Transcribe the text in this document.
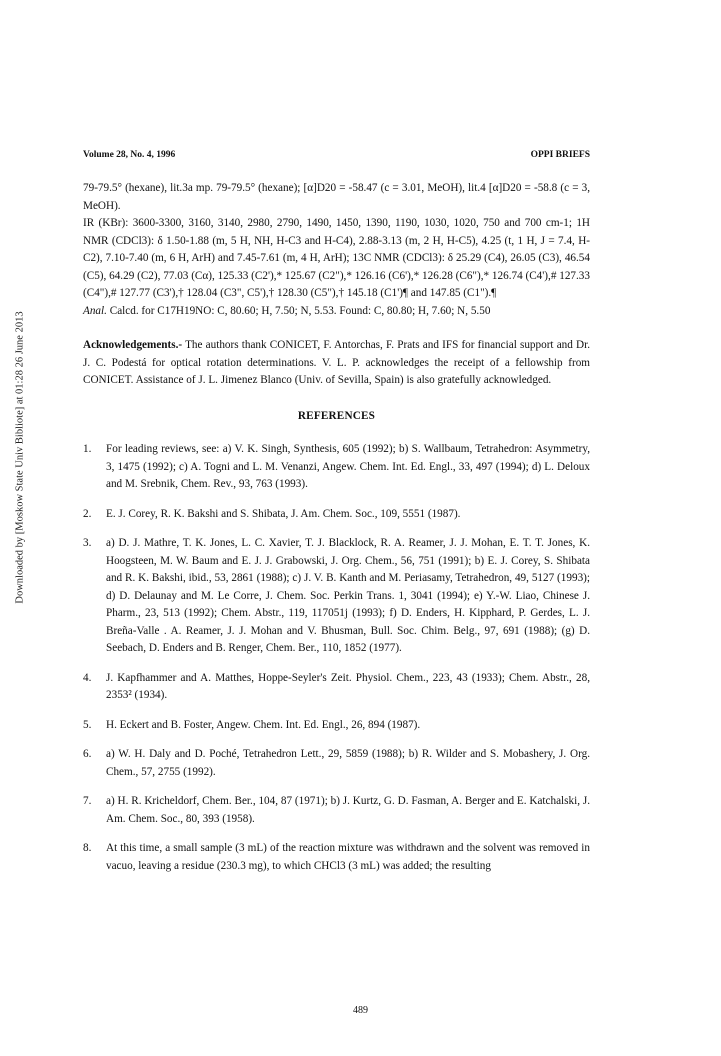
Downloaded by [Moskow State Univ Bibliote] at 01:28 26 June 2013
Volume 28, No. 4, 1996	OPPI BRIEFS

79-79.5° (hexane), lit.3a mp. 79-79.5° (hexane); [α]D20 = -58.47 (c = 3.01, MeOH), lit.4 [α]D20 = -58.8 (c = 3, MeOH).

IR (KBr): 3600-3300, 3160, 3140, 2980, 2790, 1490, 1450, 1390, 1190, 1030, 1020, 750 and 700 cm-1; 1H NMR (CDCl3): δ 1.50-1.88 (m, 5 H, NH, H-C3 and H-C4), 2.88-3.13 (m, 2 H, H-C5), 4.25 (t, 1 H, J = 7.4, H-C2), 7.10-7.40 (m, 6 H, ArH) and 7.45-7.61 (m, 4 H, ArH); 13C NMR (CDCl3): δ 25.29 (C4), 26.05 (C3), 46.54 (C5), 64.29 (C2), 77.03 (Cα), 125.33 (C2'),* 125.67 (C2"),* 126.16 (C6'),* 126.28 (C6"),* 126.74 (C4'),# 127.33 (C4"),# 127.77 (C3'),† 128.04 (C3", C5'),† 128.30 (C5"),† 145.18 (C1')¶ and 147.85 (C1").¶

Anal. Calcd. for C17H19NO: C, 80.60; H, 7.50; N, 5.53. Found: C, 80.80; H, 7.60; N, 5.50

Acknowledgements.- The authors thank CONICET, F. Antorchas, F. Prats and IFS for financial support and Dr. J. C. Podestá for optical rotation determinations. V. L. P. acknowledges the receipt of a fellowship from CONICET. Assistance of J. L. Jimenez Blanco (Univ. of Sevilla, Spain) is also gratefully acknowledged.

REFERENCES
1.	For leading reviews, see: a) V. K. Singh, Synthesis, 605 (1992); b) S. Wallbaum, Tetrahedron: Asymmetry, 3, 1475 (1992); c) A. Togni and L. M. Venanzi, Angew. Chem. Int. Ed. Engl., 33, 497 (1994); d) L. Deloux and M. Srebnik, Chem. Rev., 93, 763 (1993).
2.	E. J. Corey, R. K. Bakshi and S. Shibata, J. Am. Chem. Soc., 109, 5551 (1987).
3.	a) D. J. Mathre, T. K. Jones, L. C. Xavier, T. J. Blacklock, R. A. Reamer, J. J. Mohan, E. T. T. Jones, K. Hoogsteen, M. W. Baum and E. J. J. Grabowski, J. Org. Chem., 56, 751 (1991); b) E. J. Corey, S. Shibata and R. K. Bakshi, ibid., 53, 2861 (1988); c) J. V. B. Kanth and M. Periasamy, Tetrahedron, 49, 5127 (1993); d) D. Delaunay and M. Le Corre, J. Chem. Soc. Perkin Trans. 1, 3041 (1994); e) Y.-W. Liao, Chinese J. Pharm., 23, 513 (1992); Chem. Abstr., 119, 117051j (1993); f) D. Enders, H. Kipphard, P. Gerdes, L. J. Breña-Valle . A. Reamer, J. J. Mohan and V. Bhusman, Bull. Soc. Chim. Belg., 97, 691 (1988); (g) D. Seebach, D. Enders and B. Renger, Chem. Ber., 110, 1852 (1977).
4.	J. Kapfhammer and A. Matthes, Hoppe-Seyler's Zeit. Physiol. Chem., 223, 43 (1933); Chem. Abstr., 28, 2353² (1934).
5.	H. Eckert and B. Foster, Angew. Chem. Int. Ed. Engl., 26, 894 (1987).
6.	a) W. H. Daly and D. Poché, Tetrahedron Lett., 29, 5859 (1988); b) R. Wilder and S. Mobashery, J. Org. Chem., 57, 2755 (1992).
7.	a) H. R. Kricheldorf, Chem. Ber., 104, 87 (1971); b) J. Kurtz, G. D. Fasman, A. Berger and E. Katchalski, J. Am. Chem. Soc., 80, 393 (1958).
8.	At this time, a small sample (3 mL) of the reaction mixture was withdrawn and the solvent was removed in vacuo, leaving a residue (230.3 mg), to which CHCl3 (3 mL) was added; the resulting
489
